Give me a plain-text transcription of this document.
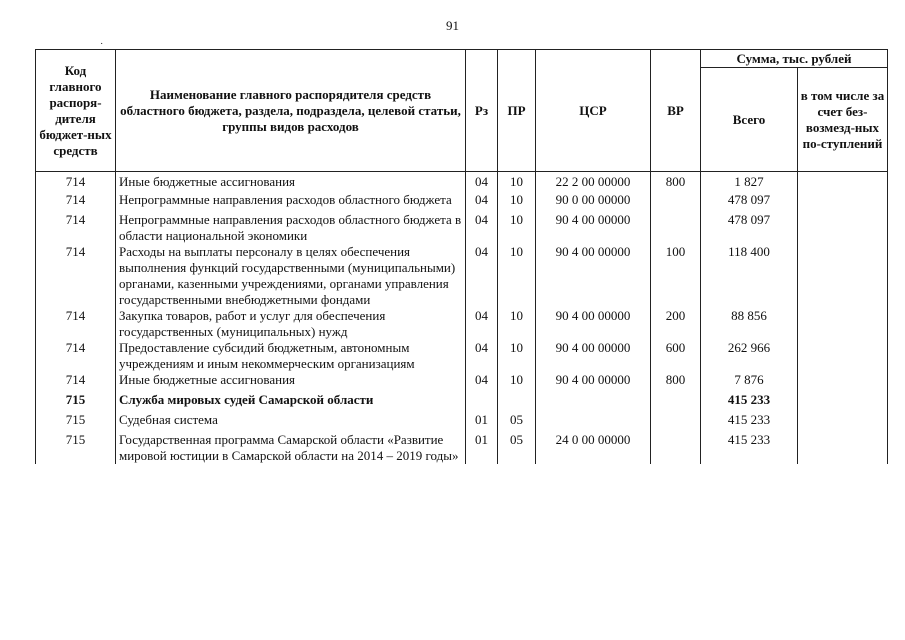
91
˙
Код главного распоря-дителя бюджет-ных средств	Наименование главного распорядителя средств областного бюджета, раздела, подраздела, целевой статьи, группы видов расходов	Рз	ПР	ЦСР	ВР	Сумма, тыс. рублей	
						Всего	в том числе за счет без-возмезд-ных по-ступлений
714	Иные бюджетные ассигнования	04	10	22 2 00 00000	800	1 827	
714	Непрограммные направления расходов областного бюджета	04	10	90 0 00 00000		478 097	
714	Непрограммные направления расходов областного бюджета в области национальной экономики	04	10	90 4 00 00000		478 097	
714	Расходы на выплаты персоналу в целях обеспечения выполнения функций государственными (муниципальными) органами, казенными учреждениями, органами управления государственными внебюджетными фондами	04	10	90 4 00 00000	100	118 400	
714	Закупка товаров, работ и услуг для обеспечения государственных (муниципальных) нужд	04	10	90 4 00 00000	200	88 856	
714	Предоставление субсидий бюджетным, автономным учреждениям и иным некоммерческим организациям	04	10	90 4 00 00000	600	262 966	
714	Иные бюджетные ассигнования	04	10	90 4 00 00000	800	7 876	
715	Служба мировых судей Самарской области					415 233	
715	Судебная система	01	05			415 233	
715	Государственная программа Самарской области «Развитие мировой юстиции в Самарской области на 2014 – 2019 годы»	01	05	24 0 00 00000		415 233	
